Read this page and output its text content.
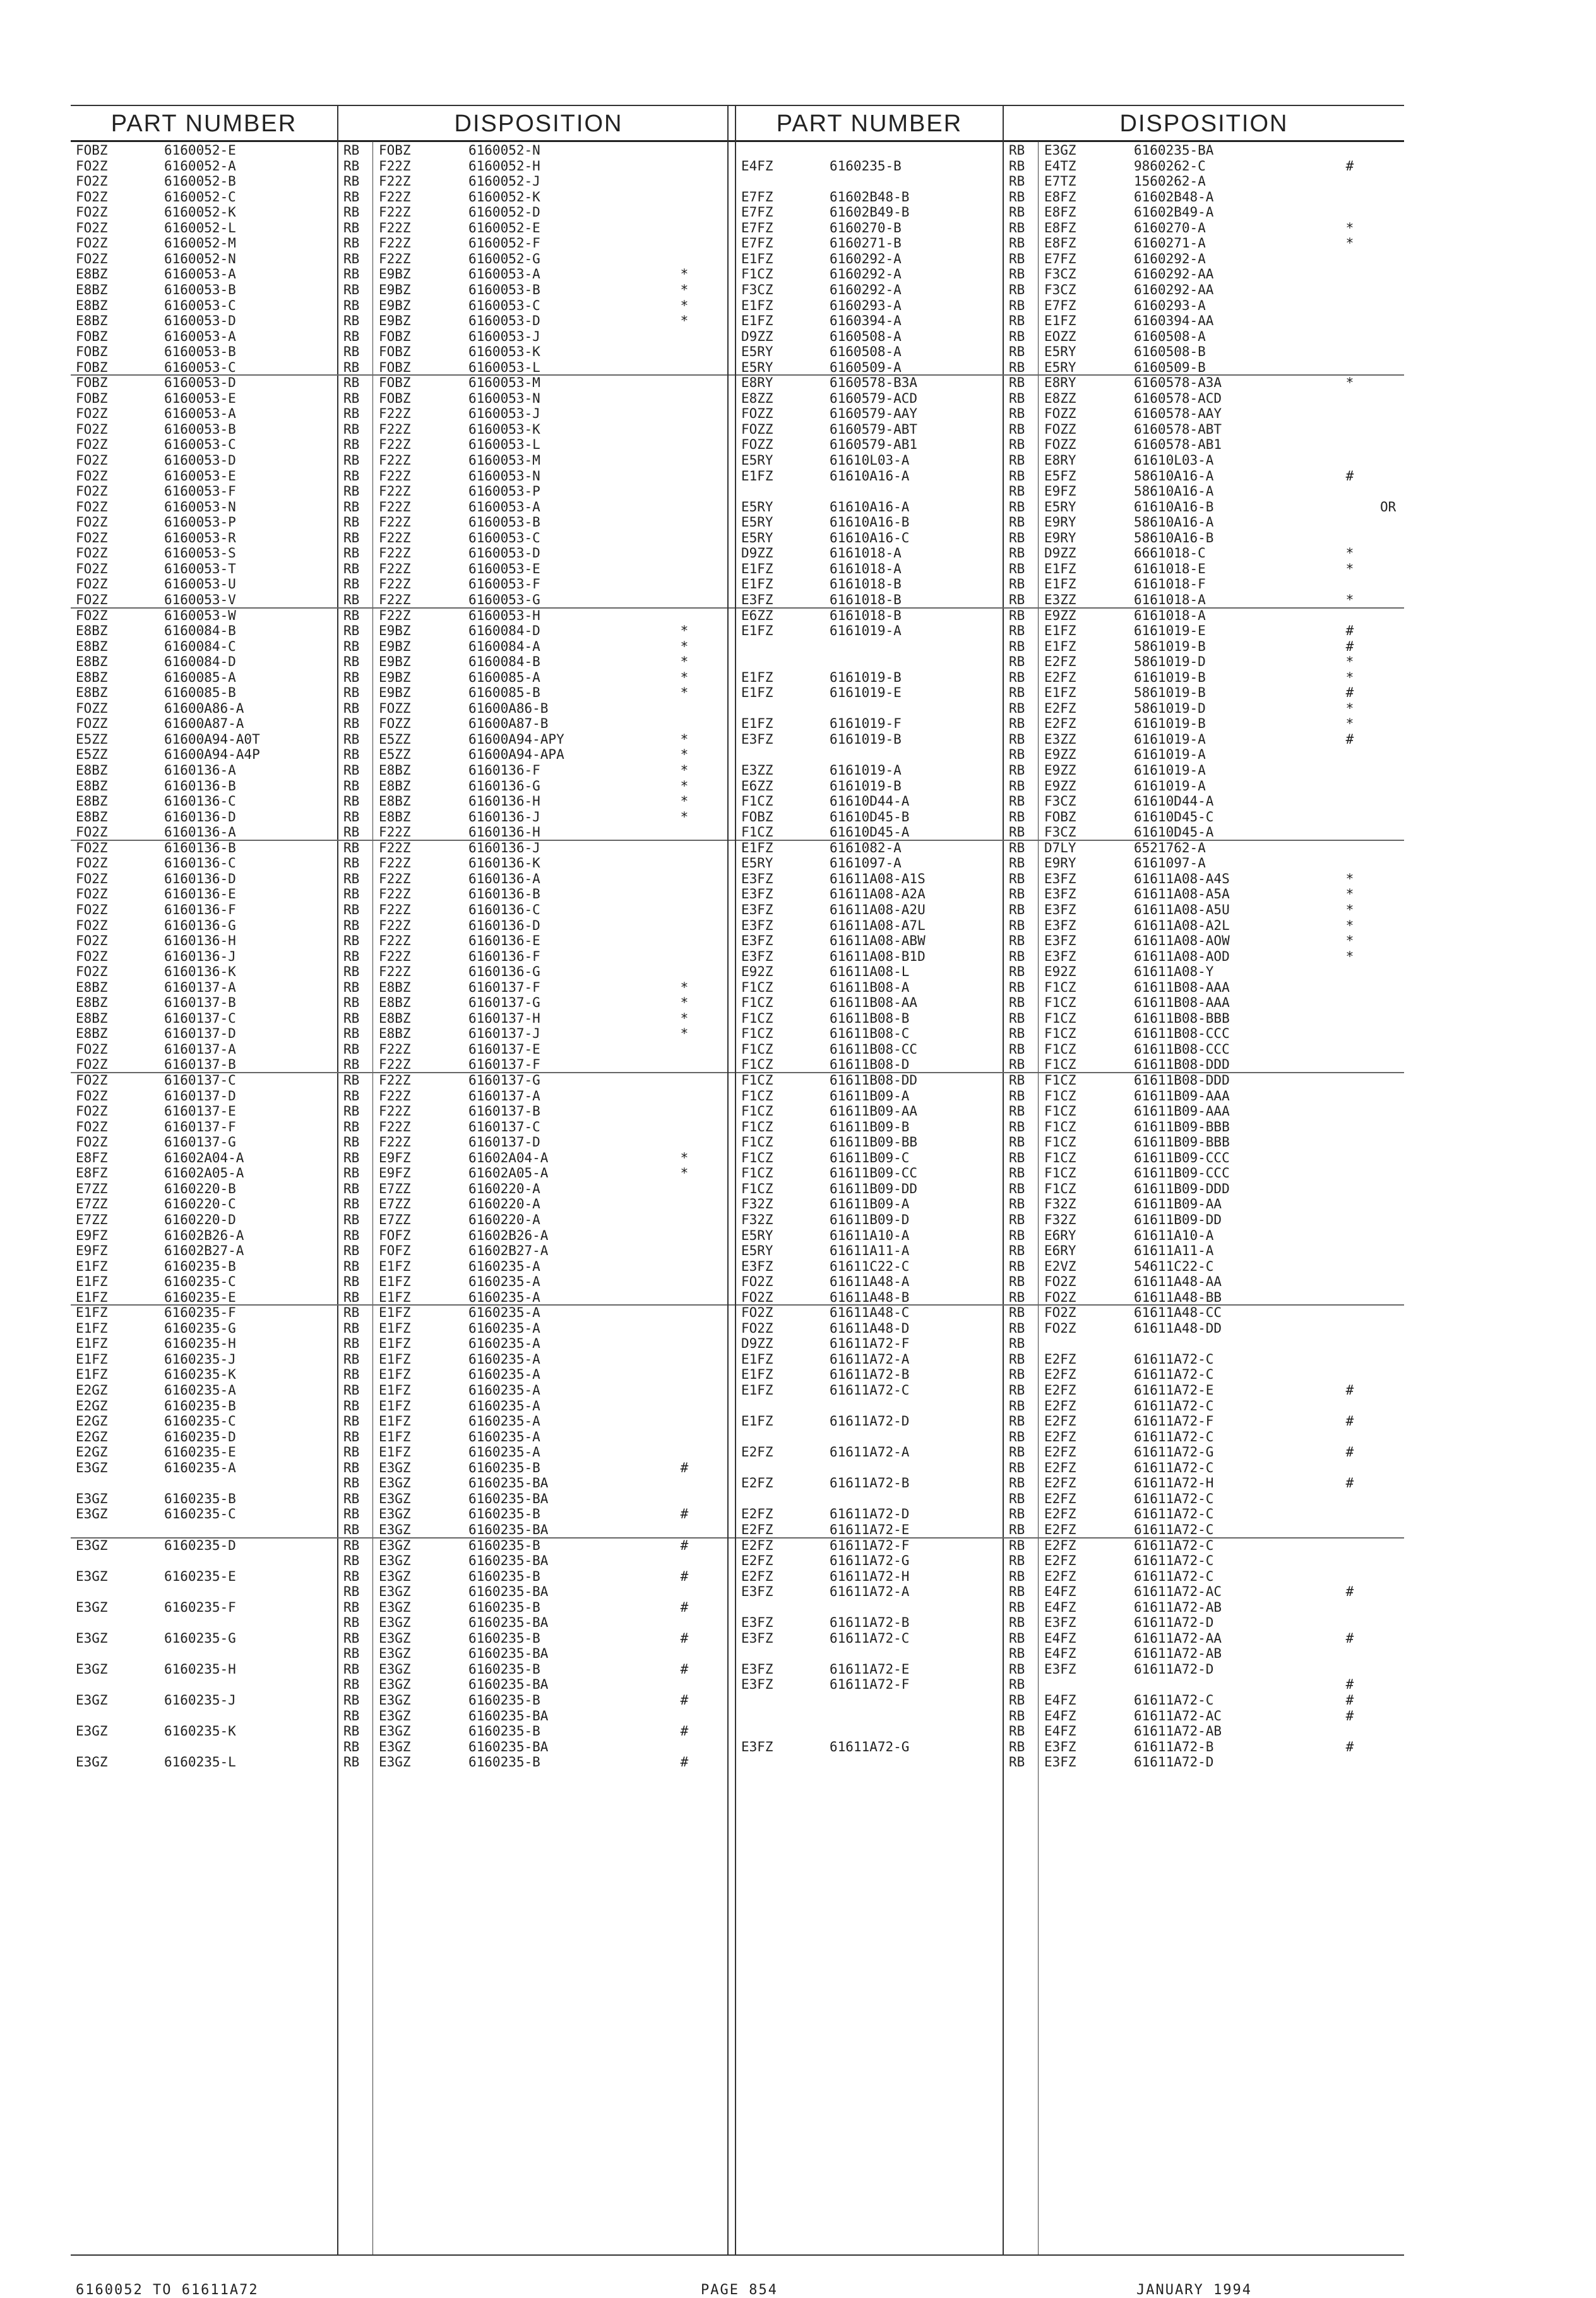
PART NUMBER	DISPOSITION
FOBZ	6160052-E	RB FOBZ	6160052-N
FO2Z	6160052-A	RB F22Z	6160052-H
FO2Z	6160052-B	RB F22Z	6160052-J
FO2Z	6160052-C	RB F22Z	6160052-K
FO2Z	6160052-K	RB F22Z	6160052-D
FO2Z	6160052-L	RB F22Z	6160052-E
FO2Z	6160052-M	RB F22Z	6160052-F
FO2Z	6160052-N	RB F22Z	6160052-G
E8BZ	6160053-A	RB E9BZ	6160053-A	*
E8BZ	6160053-B	RB E9BZ	6160053-B	*
E8BZ	6160053-C	RB E9BZ	6160053-C	*
E8BZ	6160053-D	RB E9BZ	6160053-D	*
FOBZ	6160053-A	RB FOBZ	6160053-J
FOBZ	6160053-B	RB FOBZ	6160053-K
FOBZ	6160053-C	RB FOBZ	6160053-L
FOBZ	6160053-D	RB FOBZ	6160053-M
FOBZ	6160053-E	RB FOBZ	6160053-N
FO2Z	6160053-A	RB F22Z	6160053-J
FO2Z	6160053-B	RB F22Z	6160053-K
FO2Z	6160053-C	RB F22Z	6160053-L
FO2Z	6160053-D	RB F22Z	6160053-M
FO2Z	6160053-E	RB F22Z	6160053-N
FO2Z	6160053-F	RB F22Z	6160053-P
FO2Z	6160053-N	RB F22Z	6160053-A
FO2Z	6160053-P	RB F22Z	6160053-B
FO2Z	6160053-R	RB F22Z	6160053-C
FO2Z	6160053-S	RB F22Z	6160053-D
FO2Z	6160053-T	RB F22Z	6160053-E
FO2Z	6160053-U	RB F22Z	6160053-F
FO2Z	6160053-V	RB F22Z	6160053-G
FO2Z	6160053-W	RB F22Z	6160053-H
E8BZ	6160084-B	RB E9BZ	6160084-D	*
E8BZ	6160084-C	RB E9BZ	6160084-A	*
E8BZ	6160084-D	RB E9BZ	6160084-B	*
E8BZ	6160085-A	RB E9BZ	6160085-A	*
E8BZ	6160085-B	RB E9BZ	6160085-B	*
FOZZ	61600A86-A	RB FOZZ	61600A86-B
FOZZ	61600A87-A	RB FOZZ	61600A87-B
E5ZZ	61600A94-A0T	RB E5ZZ	61600A94-APY	*
E5ZZ	61600A94-A4P	RB E5ZZ	61600A94-APA	*
E8BZ	6160136-A	RB E8BZ	6160136-F	*
E8BZ	6160136-B	RB E8BZ	6160136-G	*
E8BZ	6160136-C	RB E8BZ	6160136-H	*
E8BZ	6160136-D	RB E8BZ	6160136-J	*
FO2Z	6160136-A	RB F22Z	6160136-H
FO2Z	6160136-B	RB F22Z	6160136-J
FO2Z	6160136-C	RB F22Z	6160136-K
FO2Z	6160136-D	RB F22Z	6160136-A
FO2Z	6160136-E	RB F22Z	6160136-B
FO2Z	6160136-F	RB F22Z	6160136-C
FO2Z	6160136-G	RB F22Z	6160136-D
FO2Z	6160136-H	RB F22Z	6160136-E
FO2Z	6160136-J	RB F22Z	6160136-F
FO2Z	6160136-K	RB F22Z	6160136-G
E8BZ	6160137-A	RB E8BZ	6160137-F	*
E8BZ	6160137-B	RB E8BZ	6160137-G	*
E8BZ	6160137-C	RB E8BZ	6160137-H	*
E8BZ	6160137-D	RB E8BZ	6160137-J	*
FO2Z	6160137-A	RB F22Z	6160137-E
FO2Z	6160137-B	RB F22Z	6160137-F
FO2Z	6160137-C	RB F22Z	6160137-G
FO2Z	6160137-D	RB F22Z	6160137-A
FO2Z	6160137-E	RB F22Z	6160137-B
FO2Z	6160137-F	RB F22Z	6160137-C
FO2Z	6160137-G	RB F22Z	6160137-D
E8FZ	61602A04-A	RB E9FZ	61602A04-A	*
E8FZ	61602A05-A	RB E9FZ	61602A05-A	*
E7ZZ	6160220-B	RB E7ZZ	6160220-A
E7ZZ	6160220-C	RB E7ZZ	6160220-A
E7ZZ	6160220-D	RB E7ZZ	6160220-A
E9FZ	61602B26-A	RB FOFZ	61602B26-A
E9FZ	61602B27-A	RB FOFZ	61602B27-A
E1FZ	6160235-B	RB E1FZ	6160235-A
E1FZ	6160235-C	RB E1FZ	6160235-A
E1FZ	6160235-E	RB E1FZ	6160235-A
E1FZ	6160235-F	RB E1FZ	6160235-A
E1FZ	6160235-G	RB E1FZ	6160235-A
E1FZ	6160235-H	RB E1FZ	6160235-A
E1FZ	6160235-J	RB E1FZ	6160235-A
E1FZ	6160235-K	RB E1FZ	6160235-A
E2GZ	6160235-A	RB E1FZ	6160235-A
E2GZ	6160235-B	RB E1FZ	6160235-A
E2GZ	6160235-C	RB E1FZ	6160235-A
E2GZ	6160235-D	RB E1FZ	6160235-A
E2GZ	6160235-E	RB E1FZ	6160235-A
E3GZ	6160235-A	RB E3GZ	6160235-B	#
RB E3GZ	6160235-BA
E3GZ	6160235-B	RB E3GZ	6160235-BA
E3GZ	6160235-C	RB E3GZ	6160235-B	#
RB E3GZ	6160235-BA
E3GZ	6160235-D	RB E3GZ	6160235-B	#
RB E3GZ	6160235-BA
E3GZ	6160235-E	RB E3GZ	6160235-B	#
RB E3GZ	6160235-BA
E3GZ	6160235-F	RB E3GZ	6160235-B	#
RB E3GZ	6160235-BA
E3GZ	6160235-G	RB E3GZ	6160235-B	#
RB E3GZ	6160235-BA
E3GZ	6160235-H	RB E3GZ	6160235-B	#
RB E3GZ	6160235-BA
E3GZ	6160235-J	RB E3GZ	6160235-B	#
RB E3GZ	6160235-BA
E3GZ	6160235-K	RB E3GZ	6160235-B	#
RB E3GZ	6160235-BA
E3GZ	6160235-L	RB E3GZ	6160235-B	#
PART NUMBER	DISPOSITION
RB E3GZ	6160235-BA
E4FZ	6160235-B	RB E4TZ	9860262-C	#
RB E7TZ	1560262-A
E7FZ	61602B48-B	RB E8FZ	61602B48-A
E7FZ	61602B49-B	RB E8FZ	61602B49-A
E7FZ	6160270-B	RB E8FZ	6160270-A	*
E7FZ	6160271-B	RB E8FZ	6160271-A	*
E1FZ	6160292-A	RB E7FZ	6160292-A
F1CZ	6160292-A	RB F3CZ	6160292-AA
F3CZ	6160292-A	RB F3CZ	6160292-AA
E1FZ	6160293-A	RB E7FZ	6160293-A
E1FZ	6160394-A	RB E1FZ	6160394-AA
D9ZZ	6160508-A	RB EOZZ	6160508-A
E5RY	6160508-A	RB E5RY	6160508-B
E5RY	6160509-A	RB E5RY	6160509-B
E8RY	6160578-B3A	RB E8RY	6160578-A3A	*
E8ZZ	6160579-ACD	RB E8ZZ	6160578-ACD
FOZZ	6160579-AAY	RB FOZZ	6160578-AAY
FOZZ	6160579-ABT	RB FOZZ	6160578-ABT
FOZZ	6160579-AB1	RB FOZZ	6160578-AB1
E5RY	61610L03-A	RB E8RY	61610L03-A
E1FZ	61610A16-A	RB E5FZ	58610A16-A	#
RB E9FZ	58610A16-A
E5RY	61610A16-A	RB E5RY	61610A16-B	OR
E5RY	61610A16-B	RB E9RY	58610A16-A
E5RY	61610A16-C	RB E9RY	58610A16-B
D9ZZ	6161018-A	RB D9ZZ	6661018-C	*
E1FZ	6161018-A	RB E1FZ	6161018-E	*
E1FZ	6161018-B	RB E1FZ	6161018-F
E3FZ	6161018-B	RB E3ZZ	6161018-A	*
E6ZZ	6161018-B	RB E9ZZ	6161018-A
E1FZ	6161019-A	RB E1FZ	6161019-E	#
RB E1FZ	5861019-B	#
RB E2FZ	5861019-D	*
E1FZ	6161019-B	RB E2FZ	6161019-B	*
E1FZ	6161019-E	RB E1FZ	5861019-B	#
RB E2FZ	5861019-D	*
E1FZ	6161019-F	RB E2FZ	6161019-B	*
E3FZ	6161019-B	RB E3ZZ	6161019-A	#
RB E9ZZ	6161019-A
E3ZZ	6161019-A	RB E9ZZ	6161019-A
E6ZZ	6161019-B	RB E9ZZ	6161019-A
F1CZ	61610D44-A	RB F3CZ	61610D44-A
FOBZ	61610D45-B	RB FOBZ	61610D45-C
F1CZ	61610D45-A	RB F3CZ	61610D45-A
E1FZ	6161082-A	RB D7LY	6521762-A
E5RY	6161097-A	RB E9RY	6161097-A
E3FZ	61611A08-A1S	RB E3FZ	61611A08-A4S	*
E3FZ	61611A08-A2A	RB E3FZ	61611A08-A5A	*
E3FZ	61611A08-A2U	RB E3FZ	61611A08-A5U	*
E3FZ	61611A08-A7L	RB E3FZ	61611A08-A2L	*
E3FZ	61611A08-ABW	RB E3FZ	61611A08-AOW	*
E3FZ	61611A08-B1D	RB E3FZ	61611A08-AOD	*
E92Z	61611A08-L	RB E92Z	61611A08-Y
F1CZ	61611B08-A	RB F1CZ	61611B08-AAA
F1CZ	61611B08-AA	RB F1CZ	61611B08-AAA
F1CZ	61611B08-B	RB F1CZ	61611B08-BBB
F1CZ	61611B08-C	RB F1CZ	61611B08-CCC
F1CZ	61611B08-CC	RB F1CZ	61611B08-CCC
F1CZ	61611B08-D	RB F1CZ	61611B08-DDD
F1CZ	61611B08-DD	RB F1CZ	61611B08-DDD
F1CZ	61611B09-A	RB F1CZ	61611B09-AAA
F1CZ	61611B09-AA	RB F1CZ	61611B09-AAA
F1CZ	61611B09-B	RB F1CZ	61611B09-BBB
F1CZ	61611B09-BB	RB F1CZ	61611B09-BBB
F1CZ	61611B09-C	RB F1CZ	61611B09-CCC
F1CZ	61611B09-CC	RB F1CZ	61611B09-CCC
F1CZ	61611B09-DD	RB F1CZ	61611B09-DDD
F32Z	61611B09-A	RB F32Z	61611B09-AA
F32Z	61611B09-D	RB F32Z	61611B09-DD
E5RY	61611A10-A	RB E6RY	61611A10-A
E5RY	61611A11-A	RB E6RY	61611A11-A
E3FZ	61611C22-C	RB E2VZ	54611C22-C
FO2Z	61611A48-A	RB FO2Z	61611A48-AA
FO2Z	61611A48-B	RB FO2Z	61611A48-BB
FO2Z	61611A48-C	RB FO2Z	61611A48-CC
FO2Z	61611A48-D	RB FO2Z	61611A48-DD
D9ZZ	61611A72-F	RB
E1FZ	61611A72-A	RB E2FZ	61611A72-C
E1FZ	61611A72-B	RB E2FZ	61611A72-C
E1FZ	61611A72-C	RB E2FZ	61611A72-E	#
RB E2FZ	61611A72-C
E1FZ	61611A72-D	RB E2FZ	61611A72-F	#
RB E2FZ	61611A72-C
E2FZ	61611A72-A	RB E2FZ	61611A72-G	#
RB E2FZ	61611A72-C
E2FZ	61611A72-B	RB E2FZ	61611A72-H	#
RB E2FZ	61611A72-C
E2FZ	61611A72-D	RB E2FZ	61611A72-C
E2FZ	61611A72-E	RB E2FZ	61611A72-C
E2FZ	61611A72-F	RB E2FZ	61611A72-C
E2FZ	61611A72-G	RB E2FZ	61611A72-C
E2FZ	61611A72-H	RB E2FZ	61611A72-C
E3FZ	61611A72-A	RB E4FZ	61611A72-AC	#
RB E4FZ	61611A72-AB
E3FZ	61611A72-B	RB E3FZ	61611A72-D
E3FZ	61611A72-C	RB E4FZ	61611A72-AA	#
RB E4FZ	61611A72-AB
E3FZ	61611A72-E	RB E3FZ	61611A72-D
E3FZ	61611A72-F	RB	#
RB E4FZ	61611A72-C	#
RB E4FZ	61611A72-AC	#
RB E4FZ	61611A72-AB
E3FZ	61611A72-G	RB E3FZ	61611A72-B	#
RB E3FZ	61611A72-D
6160052 TO 61611A72	PAGE 854	JANUARY 1994
